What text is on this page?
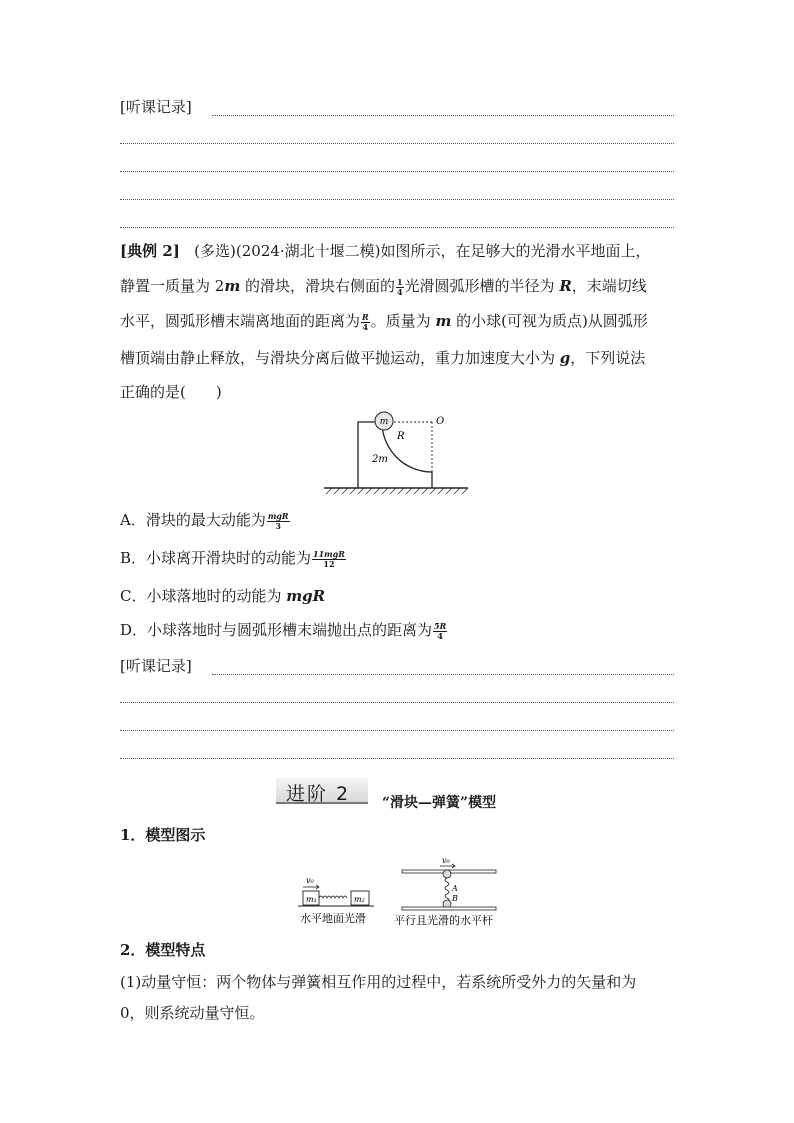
[听课记录]
[典例 2] (多选)(2024·湖北十堰二模)如图所示，在足够大的光滑水平地面上，
静置一质量为 2m 的滑块，滑块右侧面的 $\frac{1}{4}$ 光滑圆弧形槽的半径为 R，末端切线
水平，圆弧形槽末端离地面的距离为 $\frac{R}{4}$ 。质量为 m 的小球(可视为质点)从圆弧形
槽顶端由静止释放，与滑块分离后做平抛运动，重力加速度大小为 g，下列说法
正确的是(　　)
m
R
2m
O
A．滑块的最大动能为 $\frac{\text{mgR}}{3}$
B．小球离开滑块时的动能为 $\frac{\text{11mgR}}{12}$
C．小球落地时的动能为 mgR
D．小球落地时与圆弧形槽末端抛出点的距离为 $\frac{5R}{4}$
[听课记录]
进阶 2 “滑块—弹簧”模型
1．模型图示
v₀
m₁	m₂
水平地面光滑
v₀
A
B
平行且光滑的水平杆
2．模型特点
(1)动量守恒：两个物体与弹簧相互作用的过程中，若系统所受外力的矢量和为
0，则系统动量守恒。
